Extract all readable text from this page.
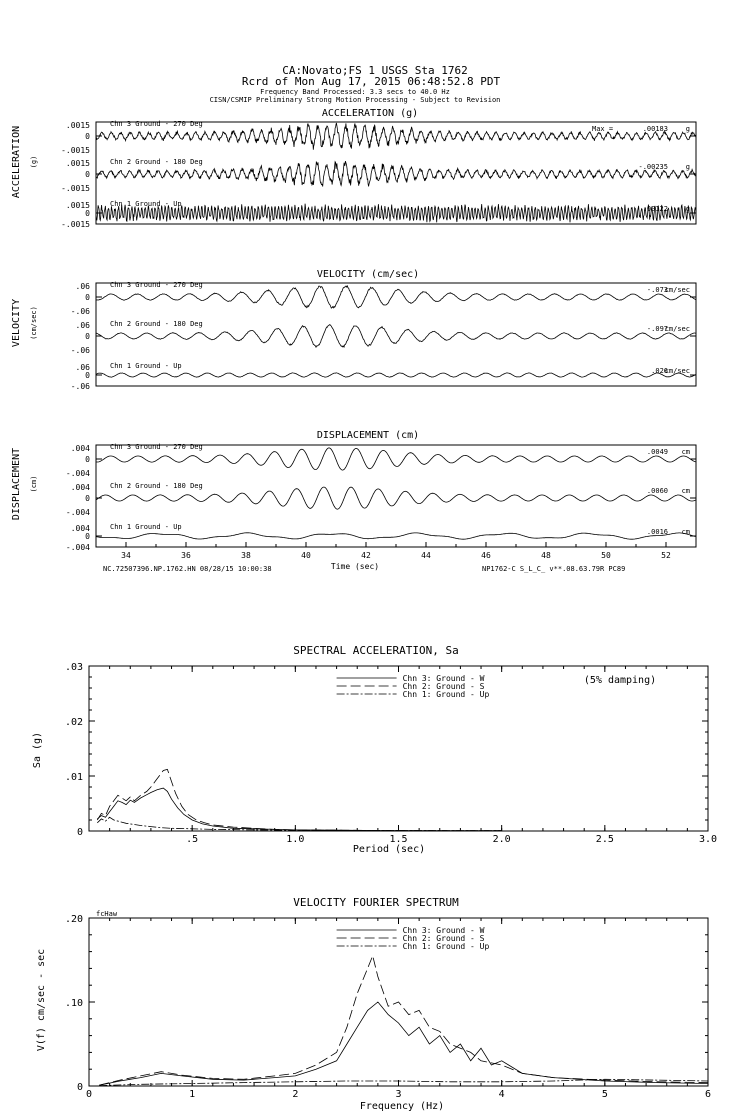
CA:Novato;FS 1 USGS Sta 1762
Rcrd of Mon Aug 17, 2015 06:48:52.8 PDT
Frequency Band Processed: 3.3 secs to 40.0 Hz
CISN/CSMIP Preliminary Strong Motion Processing - Subject to Revision
ACCELERATION (g)
ACCELERATION (g)
0
.0015
-.0015
Chn 3 Ground - 270 Deg
Max =	.00183	g
0
.0015
-.0015
Chn 2 Ground - 180 Deg
-.00235	g
0
.0015
-.0015
Chn 1 Ground - Up
.00122	g
VELOCITY (cm/sec)
VELOCITY (cm/sec)
0
.06
-.06
Chn 3 Ground - 270 Deg
-.073
cm/sec
0
.06
-.06
Chn 2 Ground - 180 Deg
-.097
cm/sec
0
.06
-.06
Chn 1 Ground - Up
.026
cm/sec
DISPLACEMENT (cm)
DISPLACEMENT (cm)
0
.004
-.004
Chn 3 Ground - 270 Deg
.0049 cm
0
.004
-.004
Chn 2 Ground - 180 Deg
.0060 cm
0
.004
-.004
Chn 1 Ground - Up
.0016 cm
34	36	38	40	42	44	46	48	50	52
Time (sec)
NC.72507396.NP.1762.HN 08/28/15 10:00:38	NP1762-C S_L_C_ v**.08.63.79R PC89
SPECTRAL ACCELERATION, Sa
(5% damping)
Sa (g)
Period (sec)
0
.01
.02
.03
.5	1.0	1.5	2.0	2.5	3.0
Chn 3: Ground - W
Chn 2: Ground - S
Chn 1: Ground - Up
VELOCITY FOURIER SPECTRUM
fcHaw
V(f) cm/sec - sec
Frequency (Hz)
0
.10
.20
0	1	2	3	4	5	6
Chn 3: Ground - W
Chn 2: Ground - S
Chn 1: Ground - Up
